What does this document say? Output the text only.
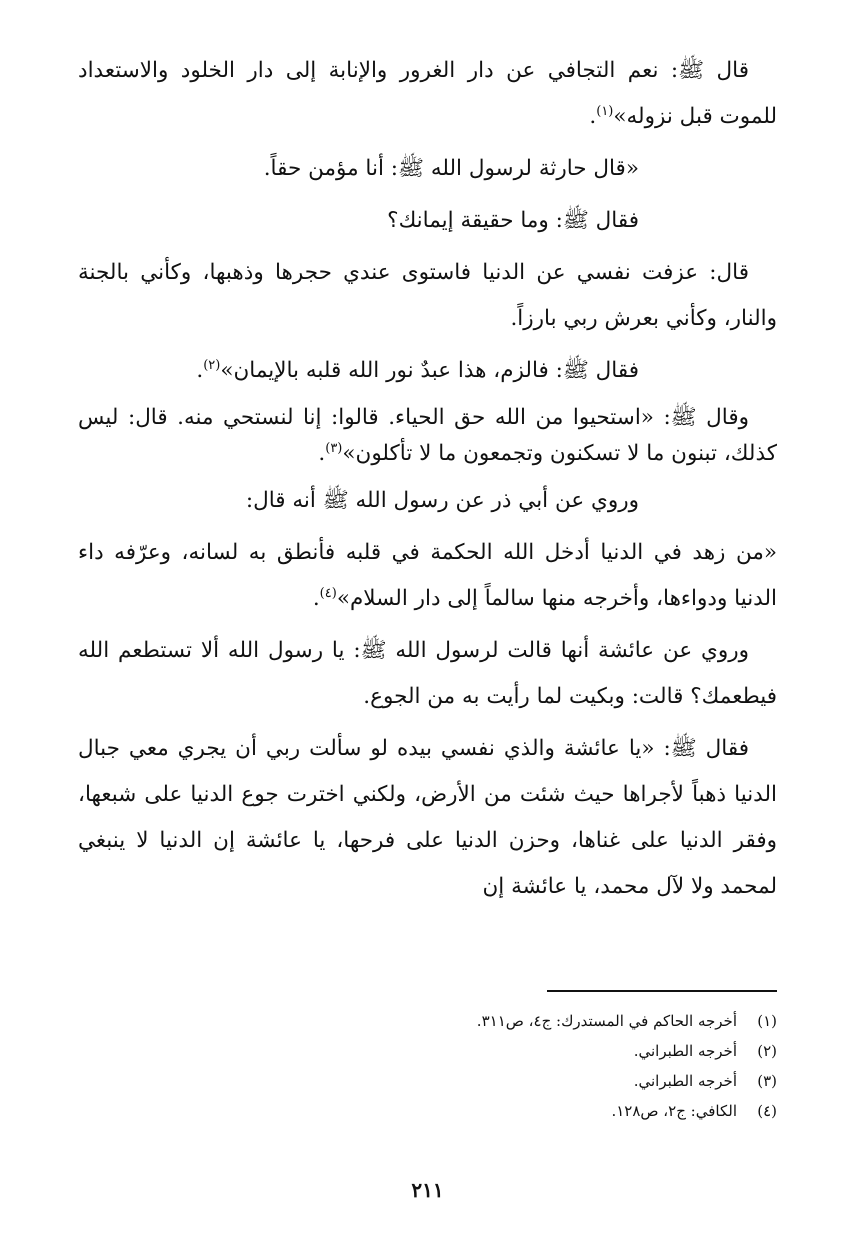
قال ﷺ: نعم التجافي عن دار الغرور والإنابة إلى دار الخلود والاستعداد للموت قبل نزوله»$^{(١)}$.

«قال حارثة لرسول الله ﷺ: أنا مؤمن حقاً.

فقال ﷺ: وما حقيقة إيمانك؟

قال: عزفت نفسي عن الدنيا فاستوى عندي حجرها وذهبها، وكأني بالجنة والنار، وكأني بعرش ربي بارزاً.

فقال ﷺ: فالزم، هذا عبدٌ نور الله قلبه بالإيمان»$^{(٢)}$.

وقال ﷺ: «استحيوا من الله حق الحياء. قالوا: إنا لنستحي منه. قال: ليس كذلك، تبنون ما لا تسكنون وتجمعون ما لا تأكلون»$^{(٣)}$.

وروي عن أبي ذر عن رسول الله ﷺ أنه قال:

«من زهد في الدنيا أدخل الله الحكمة في قلبه فأنطق به لسانه، وعرّفه داء الدنيا ودواءها، وأخرجه منها سالماً إلى دار السلام»$^{(٤)}$.

وروي عن عائشة أنها قالت لرسول الله ﷺ: يا رسول الله ألا تستطعم الله فيطعمك؟ قالت: وبكيت لما رأيت به من الجوع.

فقال ﷺ: «يا عائشة والذي نفسي بيده لو سألت ربي أن يجري معي جبال الدنيا ذهباً لأجراها حيث شئت من الأرض، ولكني اخترت جوع الدنيا على شبعها، وفقر الدنيا على غناها، وحزن الدنيا على فرحها، يا عائشة إن الدنيا لا ينبغي لمحمد ولا لآل محمد، يا عائشة إن

(١)
أخرجه الحاكم في المستدرك: ج٤، ص٣١١.
(٢)
أخرجه الطبراني.
(٣)
أخرجه الطبراني.
(٤)
الكافي: ج٢، ص١٢٨.
٢١١
